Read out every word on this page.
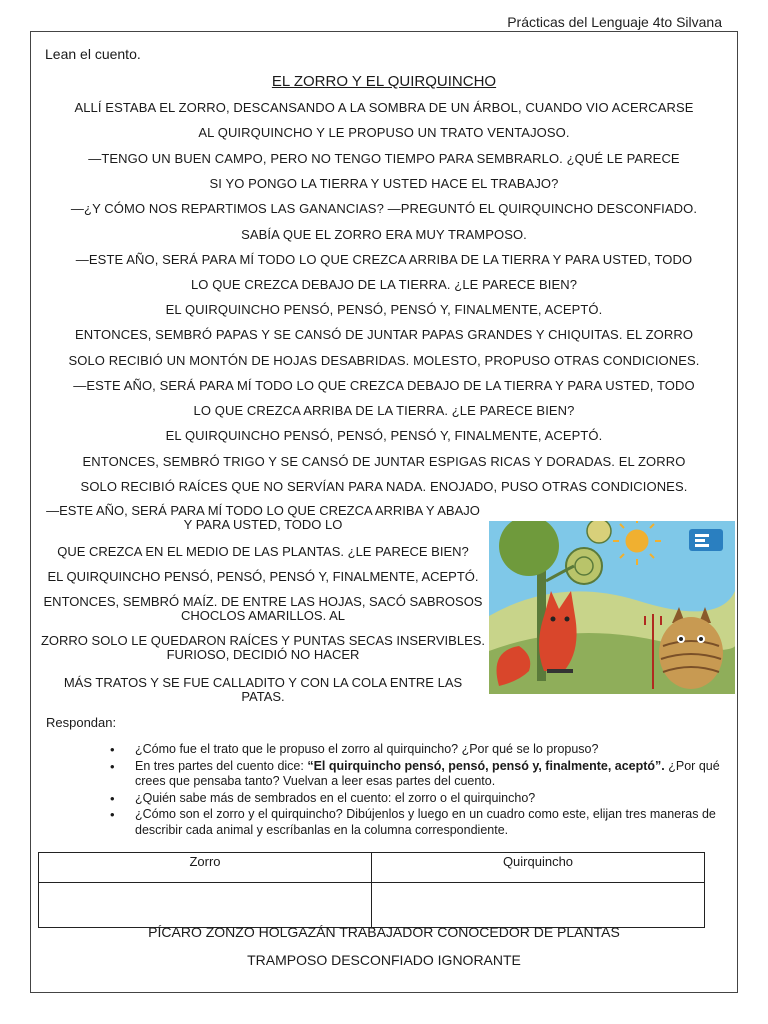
Prácticas del Lenguaje 4to Silvana
Lean el cuento.
EL ZORRO Y EL QUIRQUINCHO
ALLÍ ESTABA EL ZORRO, DESCANSANDO A LA SOMBRA DE UN ÁRBOL, CUANDO VIO ACERCARSE
AL QUIRQUINCHO Y LE PROPUSO UN TRATO VENTAJOSO.
—TENGO UN BUEN CAMPO, PERO NO TENGO TIEMPO PARA SEMBRARLO. ¿QUÉ LE PARECE
SI YO PONGO LA TIERRA Y USTED HACE EL TRABAJO?
—¿Y CÓMO NOS REPARTIMOS LAS GANANCIAS? —PREGUNTÓ EL QUIRQUINCHO DESCONFIADO.
SABÍA QUE EL ZORRO ERA MUY TRAMPOSO.
—ESTE AÑO, SERÁ PARA MÍ TODO LO QUE CREZCA ARRIBA DE LA TIERRA Y PARA USTED, TODO
LO QUE CREZCA DEBAJO DE LA TIERRA. ¿LE PARECE BIEN?
EL QUIRQUINCHO PENSÓ, PENSÓ, PENSÓ Y, FINALMENTE, ACEPTÓ.
ENTONCES, SEMBRÓ PAPAS Y SE CANSÓ DE JUNTAR PAPAS GRANDES Y CHIQUITAS. EL ZORRO
SOLO RECIBIÓ UN MONTÓN DE HOJAS DESABRIDAS. MOLESTO, PROPUSO OTRAS CONDICIONES.
—ESTE AÑO, SERÁ PARA MÍ TODO LO QUE CREZCA DEBAJO DE LA TIERRA Y PARA USTED, TODO
LO QUE CREZCA ARRIBA DE LA TIERRA. ¿LE PARECE BIEN?
EL QUIRQUINCHO PENSÓ, PENSÓ, PENSÓ Y, FINALMENTE, ACEPTÓ.
ENTONCES, SEMBRÓ TRIGO Y SE CANSÓ DE JUNTAR ESPIGAS RICAS Y DORADAS. EL ZORRO
SOLO RECIBIÓ RAÍCES QUE NO SERVÍAN PARA NADA. ENOJADO, PUSO OTRAS CONDICIONES.
—ESTE AÑO, SERÁ PARA MÍ TODO LO QUE CREZCA ARRIBA Y ABAJO
Y PARA USTED, TODO LO
QUE CREZCA EN EL MEDIO DE LAS PLANTAS. ¿LE PARECE BIEN?
EL QUIRQUINCHO PENSÓ, PENSÓ, PENSÓ Y, FINALMENTE, ACEPTÓ.
ENTONCES, SEMBRÓ MAÍZ. DE ENTRE LAS HOJAS, SACÓ SABROSOS
CHOCLOS AMARILLOS. AL
ZORRO SOLO LE QUEDARON RAÍCES Y PUNTAS SECAS INSERVIBLES.
FURIOSO, DECIDIÓ NO HACER
MÁS TRATOS Y SE FUE CALLADITO Y CON LA COLA ENTRE LAS
PATAS.
Respondan:
• ¿Cómo fue el trato que le propuso el zorro al quirquincho? ¿Por qué se lo propuso?
• En tres partes del cuento dice: “El quirquincho pensó, pensó, pensó y, finalmente, aceptó”. ¿Por qué crees que pensaba tanto? Vuelvan a leer esas partes del cuento.
• ¿Quién sabe más de sembrados en el cuento: el zorro o el quirquincho?
• ¿Cómo son el zorro y el quirquincho? Dibújenlos y luego en un cuadro como este, elijan tres maneras de describir cada animal y escríbanlas en la columna correspondiente.
Zorro	Quirquincho

PÍCARO ZONZO HOLGAZÁN TRABAJADOR CONOCEDOR DE PLANTAS
TRAMPOSO DESCONFIADO IGNORANTE
